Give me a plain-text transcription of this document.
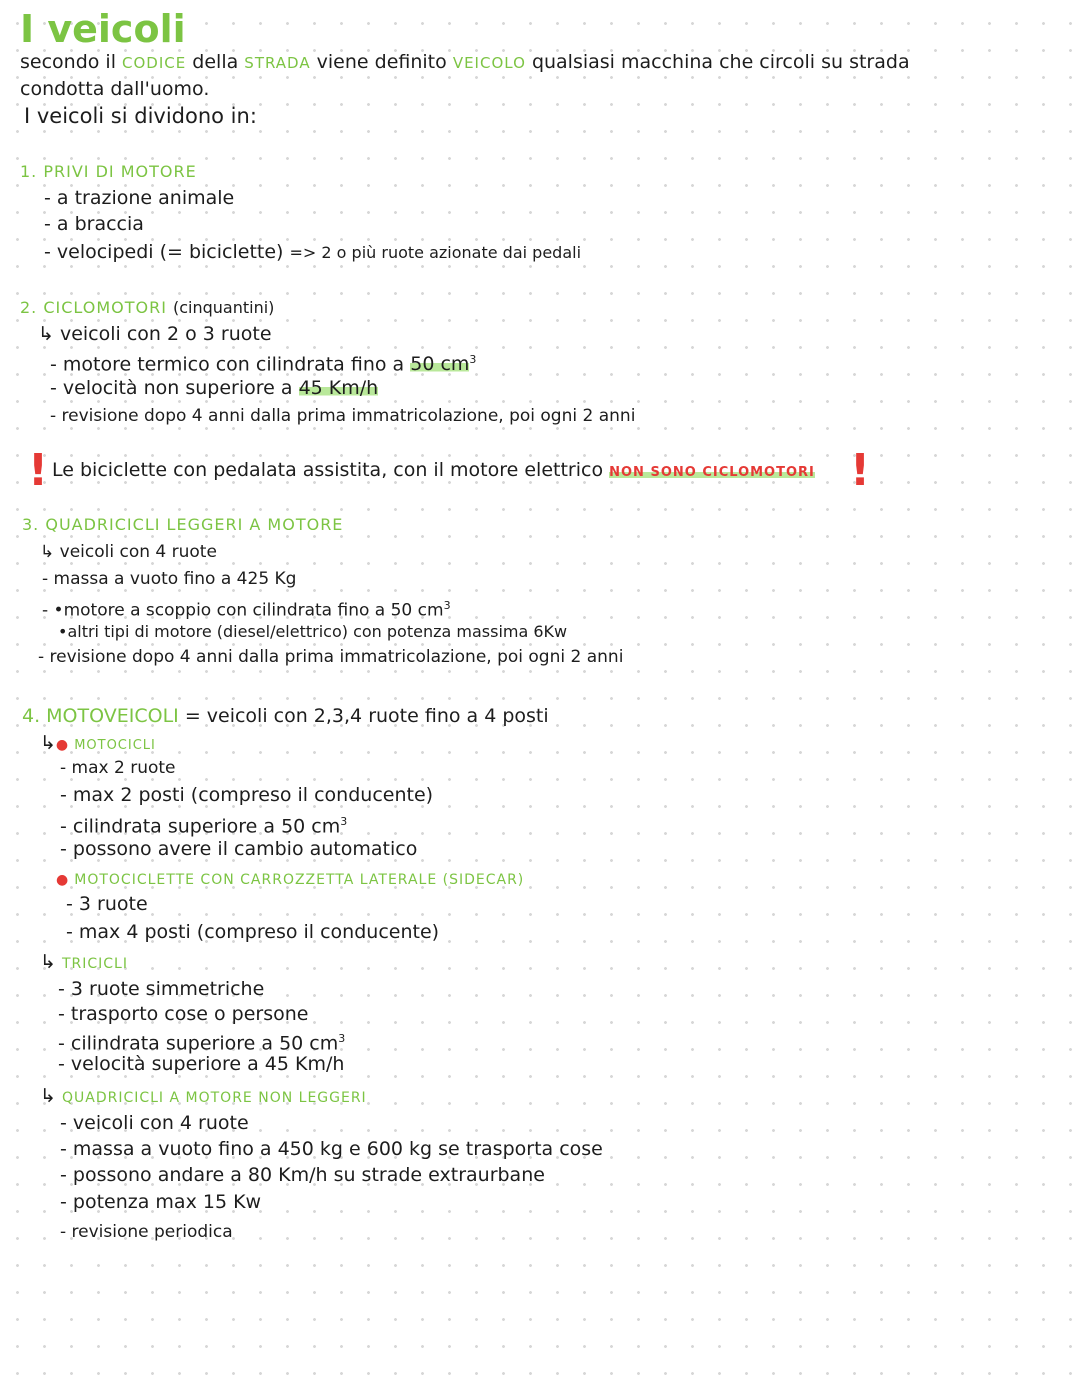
I veicoli
secondo il CODICE della STRADA viene definito VEICOLO qualsiasi macchina che circoli su strada
condotta dall'uomo.
I veicoli si dividono in:
1. PRIVI DI MOTORE
- a trazione animale
- a braccia
- velocipedi (= biciclette) => 2 o più ruote azionate dai pedali
2. CICLOMOTORI (cinquantini)
↳ veicoli con 2 o 3 ruote
- motore termico con cilindrata fino a 50 $cm^3$
- velocità non superiore a 45 Km/h
- revisione dopo 4 anni dalla prima immatricolazione, poi ogni 2 anni
! Le biciclette con pedalata assistita, con il motore elettrico NON SONO CICLOMOTORI !
3. QUADRICICLI LEGGERI A MOTORE
↳ veicoli con 4 ruote
- massa a vuoto fino a 425 Kg
- •motore a scoppio con cilindrata fino a 50 $cm^3$
•altri tipi di motore (diesel/elettrico) con potenza massima 6Kw
- revisione dopo 4 anni dalla prima immatricolazione, poi ogni 2 anni
4. MOTOVEICOLI = veicoli con 2,3,4 ruote fino a 4 posti
↳● MOTOCICLI
- max 2 ruote
- max 2 posti (compreso il conducente)
- cilindrata superiore a 50 $cm^3$
- possono avere il cambio automatico
● MOTOCICLETTE CON CARROZZETTA LATERALE (SIDECAR)
- 3 ruote
- max 4 posti (compreso il conducente)
↳ TRICICLI
- 3 ruote simmetriche
- trasporto cose o persone
- cilindrata superiore a 50 $cm^3$
- velocità superiore a 45 Km/h
↳ QUADRICICLI A MOTORE NON LEGGERI
- veicoli con 4 ruote
- massa a vuoto fino a 450 kg e 600 kg se trasporta cose
- possono andare a 80 Km/h su strade extraurbane
- potenza max 15 Kw
- revisione periodica
